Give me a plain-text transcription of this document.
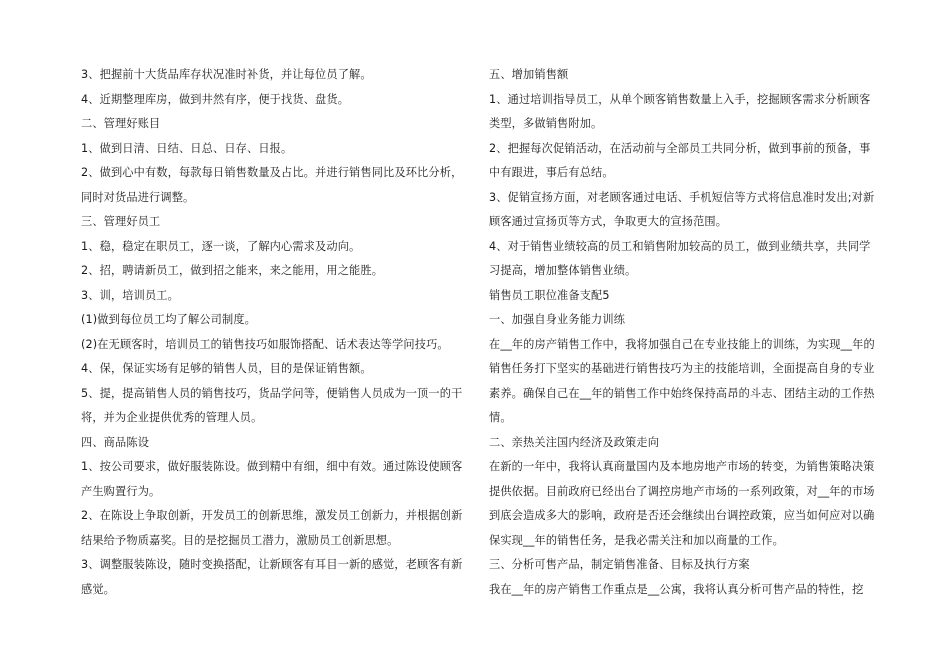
3、把握前十大货品库存状况准时补货，并让每位员了解。

4、近期整理库房，做到井然有序，便于找货、盘货。

二、管理好账目

1、做到日清、日结、日总、日存、日报。

2、做到心中有数，每款每日销售数量及占比。并进行销售同比及环比分析，同时对货品进行调整。

三、管理好员工

1、稳，稳定在职员工，逐一谈，了解内心需求及动向。

2、招，聘请新员工，做到招之能来，来之能用，用之能胜。

3、训，培训员工。

(1)做到每位员工均了解公司制度。

(2)在无顾客时，培训员工的销售技巧如服饰搭配、话术表达等学问技巧。

4、保，保证实场有足够的销售人员，目的是保证销售额。

5、提，提高销售人员的销售技巧，货品学问等，便销售人员成为一顶一的干将，并为企业提供优秀的管理人员。

四、商品陈设

1、按公司要求，做好服装陈设。做到精中有细，细中有效。通过陈设使顾客产生购置行为。

2、在陈设上争取创新，开发员工的创新思维，激发员工创新力，并根据创新结果给予物质嘉奖。目的是挖掘员工潜力，激励员工创新思想。

3、调整服装陈设，随时变换搭配，让新顾客有耳目一新的感觉，老顾客有新感觉。

五、增加销售额

1、通过培训指导员工，从单个顾客销售数量上入手，挖掘顾客需求分析顾客类型，多做销售附加。

2、把握每次促销活动，在活动前与全部员工共同分析，做到事前的预备，事中有跟进，事后有总结。

3、促销宣扬方面，对老顾客通过电话、手机短信等方式将信息准时发出;对新顾客通过宣扬页等方式，争取更大的宣扬范围。

4、对于销售业绩较高的员工和销售附加较高的员工，做到业绩共享，共同学习提高，增加整体销售业绩。

销售员工职位准备支配5

一、加强自身业务能力训练

在__年的房产销售工作中，我将加强自己在专业技能上的训练，为实现__年的销售任务打下坚实的基础进行销售技巧为主的技能培训，全面提高自身的专业素养。确保自己在__年的销售工作中始终保持高昂的斗志、团结主动的工作热情。

二、亲热关注国内经济及政策走向

在新的一年中，我将认真商量国内及本地房地产市场的转变，为销售策略决策提供依据。目前政府已经出台了调控房地产市场的一系列政策，对__年的市场到底会造成多大的影响，政府是否还会继续出台调控政策，应当如何应对以确保实现__年的销售任务，是我必需关注和加以商量的工作。

三、分析可售产品，制定销售准备、目标及执行方案

我在__年的房产销售工作重点是__公寓，我将认真分析可售产品的特性，挖
